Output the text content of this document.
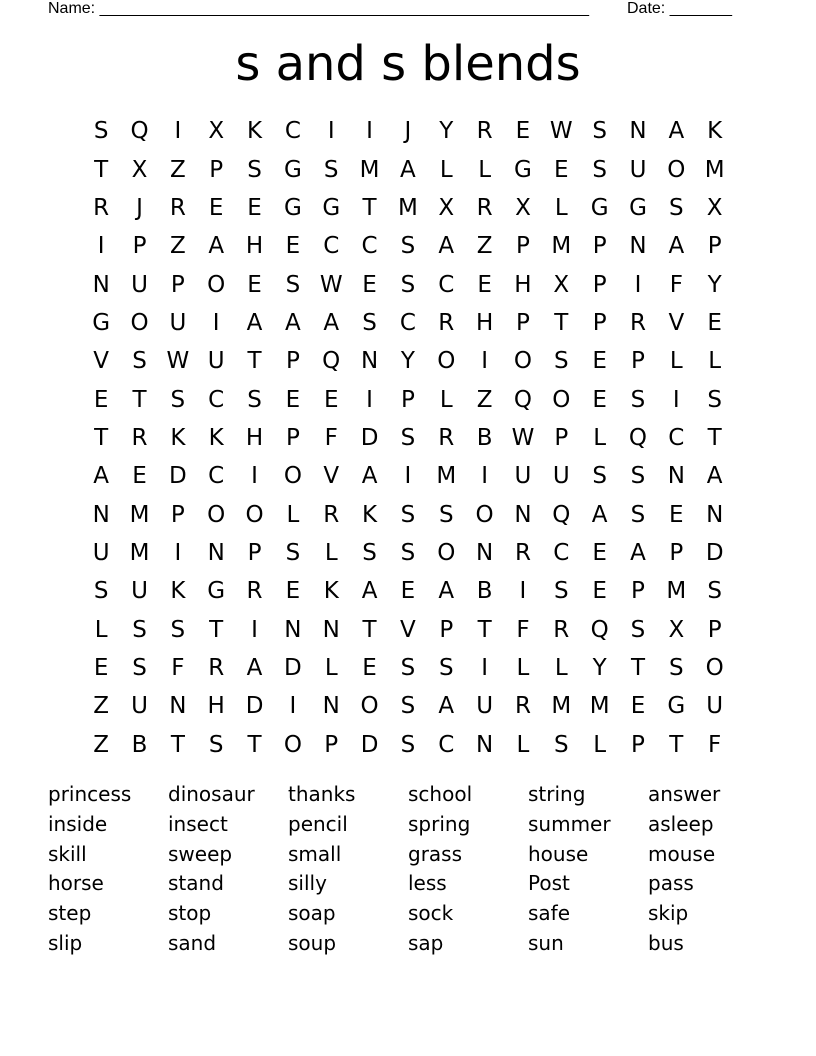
Name: _______________________________________________________ Date: _______
s and s blends
S Q	I	X K C	I	I	J	Y	R	E W S N A K
T	X Z	P	S G S M A	L	L	G E	S U O M
R	J	R	E	E G G T M X R X	L	G G S	X
I	P	Z A H E	C C	S	A Z	P M P N A	P
N U P O E	S W E	S	C	E H X	P	I	F	Y
G O U	I	A A A	S	C R H P	T	P	R V	E
V	S W U T	P Q N Y O	I	O S	E	P	L	L
E	T	S	C	S	E	E	I	P	L	Z Q O E	S	I	S
T	R K	K H P	F D S	R B W P	L Q C	T
A	E D C	I	O V A	I	M	I	U U S	S N A
N M P O O L	R K	S	S O N Q A	S	E N
U M	I	N P	S	L	S	S O N R C	E	A	P D
S U K G R	E	K A	E	A B	I	S	E	P M S
L	S	S	T	I	N N T	V	P	T	F	R Q S	X	P
E	S	F	R A D	L	E	S	S	I	L	L	Y	T	S O
Z U N H D	I	N O S	A U R M M E G U
Z B	T	S	T O P D S	C N	L	S	L	P	T	F
princess	dinosaur	thanks	school	string	answer
inside	insect	pencil	spring	summer	asleep
skill	sweep	small	grass	house	mouse
horse	stand	silly	less	Post	pass
step	stop	soap	sock	safe	skip
slip	sand	soup	sap	sun	bus
